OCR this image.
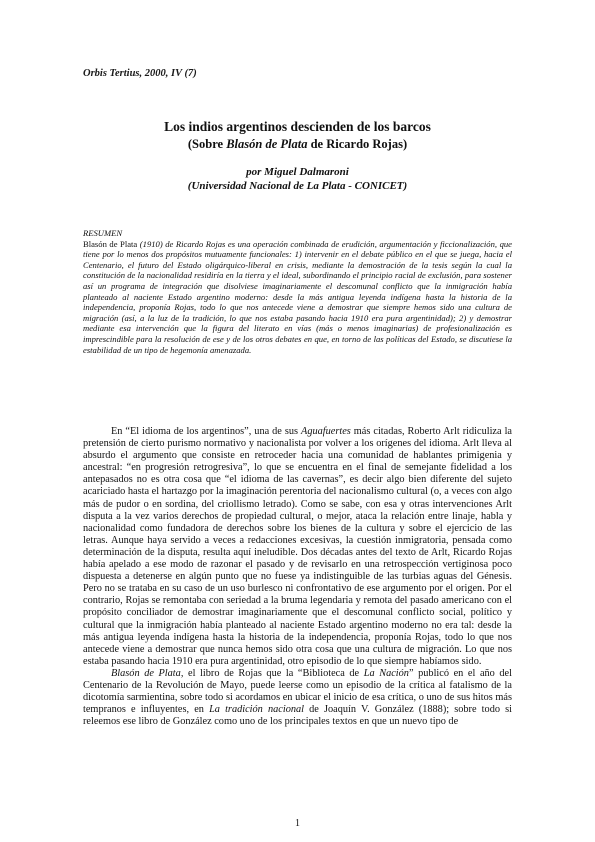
Orbis Tertius, 2000, IV (7)
Los indios argentinos descienden de los barcos
(Sobre Blasón de Plata de Ricardo Rojas)
por Miguel Dalmaroni
(Universidad Nacional de La Plata - CONICET)
RESUMEN
Blasón de Plata (1910) de Ricardo Rojas es una operación combinada de erudición, argumentación y ficcionalización, que tiene por lo menos dos propósitos mutuamente funcionales: 1) intervenir en el debate público en el que se juega, hacia el Centenario, el futuro del Estado oligárquico-liberal en crisis, mediante la demostración de la tesis según la cual la constitución de la nacionalidad residiría en la tierra y el ideal, subordinando el principio racial de exclusión, para sostener así un programa de integración que disolviese imaginariamente el descomunal conflicto que la inmigración había planteado al naciente Estado argentino moderno: desde la más antigua leyenda indígena hasta la historia de la independencia, proponía Rojas, todo lo que nos antecede viene a demostrar que siempre hemos sido una cultura de migración (así, a la luz de la tradición, lo que nos estaba pasando hacia 1910 era pura argentinidad); 2) y demostrar mediante esa intervención que la figura del literato en vías (más o menos imaginarias) de profesionalización es imprescindible para la resolución de ese y de los otros debates en que, en torno de las políticas del Estado, se discutiese la estabilidad de un tipo de hegemonía amenazada.

En “El idioma de los argentinos”, una de sus Aguafuertes más citadas, Roberto Arlt ridiculiza la pretensión de cierto purismo normativo y nacionalista por volver a los orígenes del idioma. Arlt lleva al absurdo el argumento que consiste en retroceder hacia una comunidad de hablantes primigenia y ancestral: “en progresión retrogresiva”, lo que se encuentra en el final de semejante fidelidad a los antepasados no es otra cosa que “el idioma de las cavernas”, es decir algo bien diferente del sujeto acariciado hasta el hartazgo por la imaginación perentoria del nacionalismo cultural (o, a veces con algo más de pudor o en sordina, del criollismo letrado). Como se sabe, con esa y otras intervenciones Arlt disputa a la vez varios derechos de propiedad cultural, o mejor, ataca la relación entre linaje, habla y nacionalidad como fundadora de derechos sobre los bienes de la cultura y sobre el ejercicio de las letras. Aunque haya servido a veces a redacciones excesivas, la cuestión inmigratoria, pensada como determinación de la disputa, resulta aquí ineludible. Dos décadas antes del texto de Arlt, Ricardo Rojas había apelado a ese modo de razonar el pasado y de revisarlo en una retrospección vertiginosa poco dispuesta a detenerse en algún punto que no fuese ya indistinguible de las turbias aguas del Génesis. Pero no se trataba en su caso de un uso burlesco ni confrontativo de ese argumento por el origen. Por el contrario, Rojas se remontaba con seriedad a la bruma legendaria y remota del pasado americano con el propósito conciliador de demostrar imaginariamente que el descomunal conflicto social, político y cultural que la inmigración había planteado al naciente Estado argentino moderno no era tal: desde la más antigua leyenda indígena hasta la historia de la independencia, proponía Rojas, todo lo que nos antecede viene a demostrar que nunca hemos sido otra cosa que una cultura de migración. Lo que nos estaba pasando hacia 1910 era pura argentinidad, otro episodio de lo que siempre habíamos sido.

Blasón de Plata, el libro de Rojas que la “Biblioteca de La Nación” publicó en el año del Centenario de la Revolución de Mayo, puede leerse como un episodio de la crítica al fatalismo de la dicotomía sarmientina, sobre todo si acordamos en ubicar el inicio de esa crítica, o uno de sus hitos más tempranos e influyentes, en La tradición nacional de Joaquín V. González (1888); sobre todo si releemos ese libro de González como uno de los principales textos en que un nuevo tipo de

1
